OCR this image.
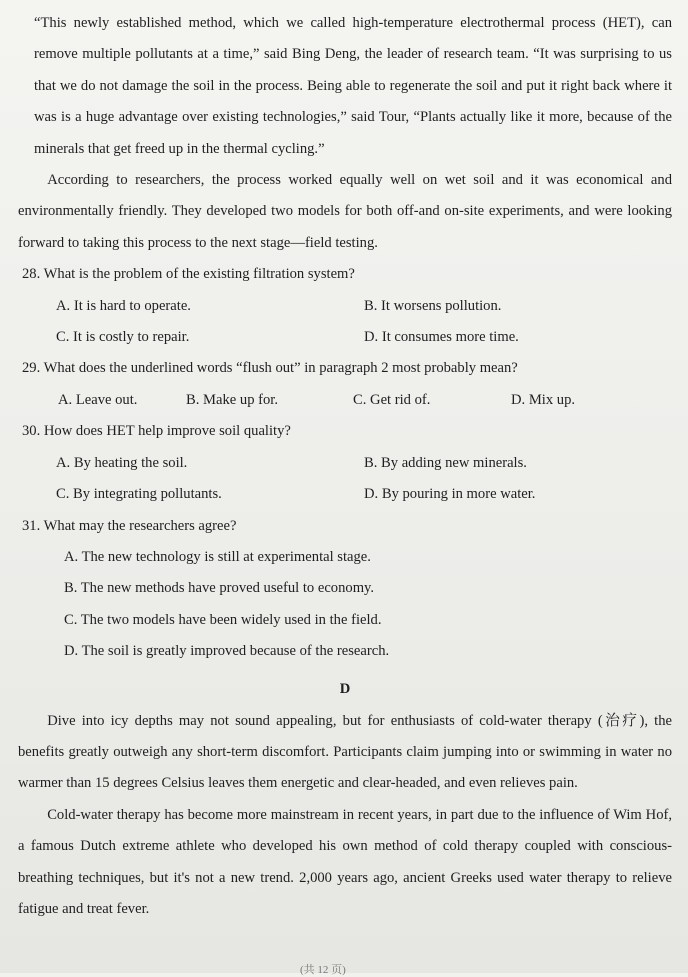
“This newly established method, which we called high-temperature electrothermal process (HET), can remove multiple pollutants at a time,” said Bing Deng, the leader of research team. “It was surprising to us that we do not damage the soil in the process. Being able to regenerate the soil and put it right back where it was is a huge advantage over existing technologies,” said Tour, “Plants actually like it more, because of the minerals that get freed up in the thermal cycling.”

According to researchers, the process worked equally well on wet soil and it was economical and environmentally friendly. They developed two models for both off-and on-site experiments, and were looking forward to taking this process to the next stage—field testing.

28. What is the problem of the existing filtration system?
A. It is hard to operate.	B. It worsens pollution.
C. It is costly to repair.	D. It consumes more time.
29. What does the underlined words “flush out” in paragraph 2 most probably mean?
A. Leave out.	B. Make up for.	C. Get rid of.	D. Mix up.
30. How does HET help improve soil quality?
A. By heating the soil.	B. By adding new minerals.
C. By integrating pollutants.	D. By pouring in more water.
31. What may the researchers agree?
A. The new technology is still at experimental stage.
B. The new methods have proved useful to economy.
C. The two models have been widely used in the field.
D. The soil is greatly improved because of the research.
D

Dive into icy depths may not sound appealing, but for enthusiasts of cold-water therapy (治疗), the benefits greatly outweigh any short-term discomfort. Participants claim jumping into or swimming in water no warmer than 15 degrees Celsius leaves them energetic and clear-headed, and even relieves pain.

Cold-water therapy has become more mainstream in recent years, in part due to the influence of Wim Hof, a famous Dutch extreme athlete who developed his own method of cold therapy coupled with conscious-breathing techniques, but it's not a new trend. 2,000 years ago, ancient Greeks used water therapy to relieve fatigue and treat fever.

(共 12 页)
